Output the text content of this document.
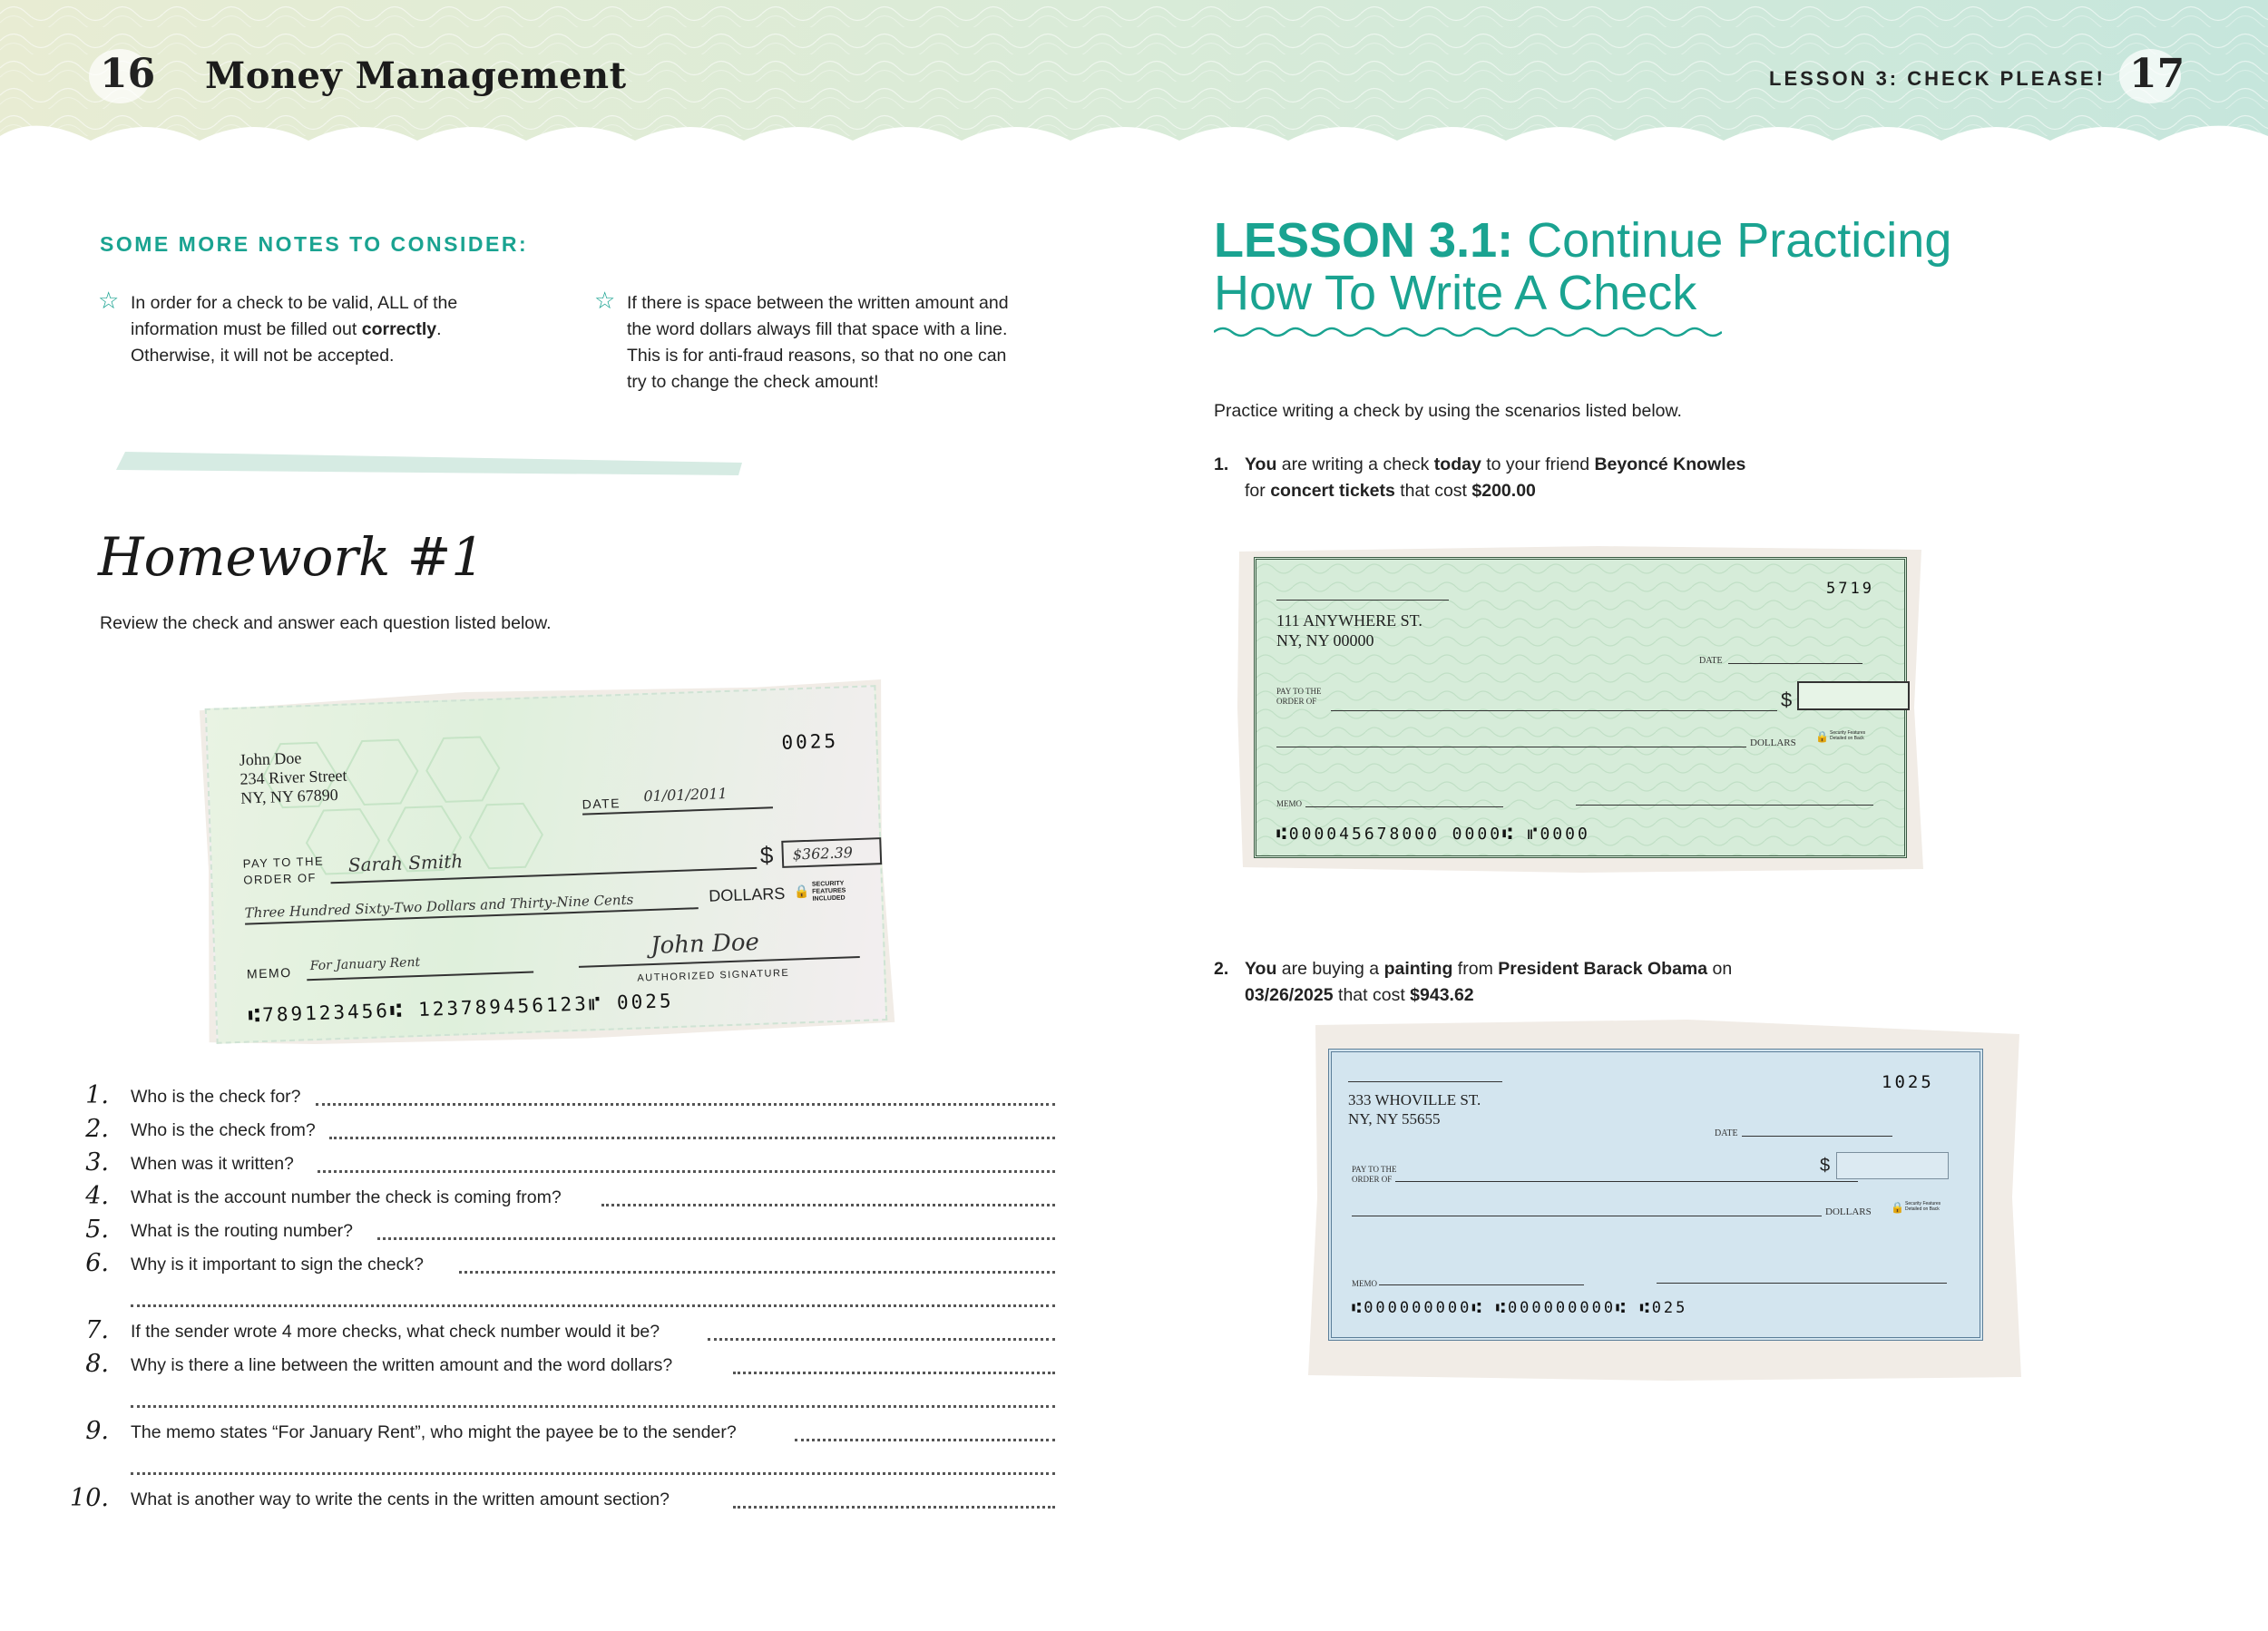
16 Money Management	LESSON 3: CHECK PLEASE! 17
SOME MORE NOTES TO CONSIDER:
☆ In order for a check to be valid, ALL of the
information must be filled out correctly.
Otherwise, it will not be accepted.
☆ If there is space between the written amount and
the word dollars always fill that space with a line.
This is for anti-fraud reasons, so that no one can
try to change the check amount!
Homework #1
Review the check and answer each question listed below.
John Doe
234 River Street
NY, NY 67890
0025
DATE 01/01/2011
PAY TO THE
ORDER OF
Sarah Smith	$	$362.39
Three Hundred Sixty-Two Dollars and Thirty-Nine Cents	DOLLARS 🔒 SECURITY FEATURES INCLUDED
MEMO For January Rent
John Doe
AUTHORIZED SIGNATURE
⑆789123456⑆ 123789456123⑈ 0025
1. Who is the check for?
2. Who is the check from?
3. When was it written?
4. What is the account number the check is coming from?
5. What is the routing number?
6. Why is it important to sign the check?
7. If the sender wrote 4 more checks, what check number would it be?
8. Why is there a line between the written amount and the word dollars?
9. The memo states “For January Rent”, who might the payee be to the sender?
10. What is another way to write the cents in the written amount section?
LESSON 3.1: Continue Practicing
How To Write A Check
Practice writing a check by using the scenarios listed below.
1. You are writing a check today to your friend Beyoncé Knowles
for concert tickets that cost $200.00
111 ANYWHERE ST.
NY, NY 00000
5719
DATE
PAY TO THE
ORDER OF	$
DOLLARS 🔒 Security Features Detailed on Back
MEMO
⑆000045678000 0000⑆ ⑈0000
2. You are buying a painting from President Barack Obama on
03/26/2025 that cost $943.62
333 WHOVILLE ST.
NY, NY 55655
1025
DATE
PAY TO THE
ORDER OF
$
DOLLARS 🔒 Security Features Detailed on Back
MEMO
⑆000000000⑆ ⑆000000000⑆ ⑆025
